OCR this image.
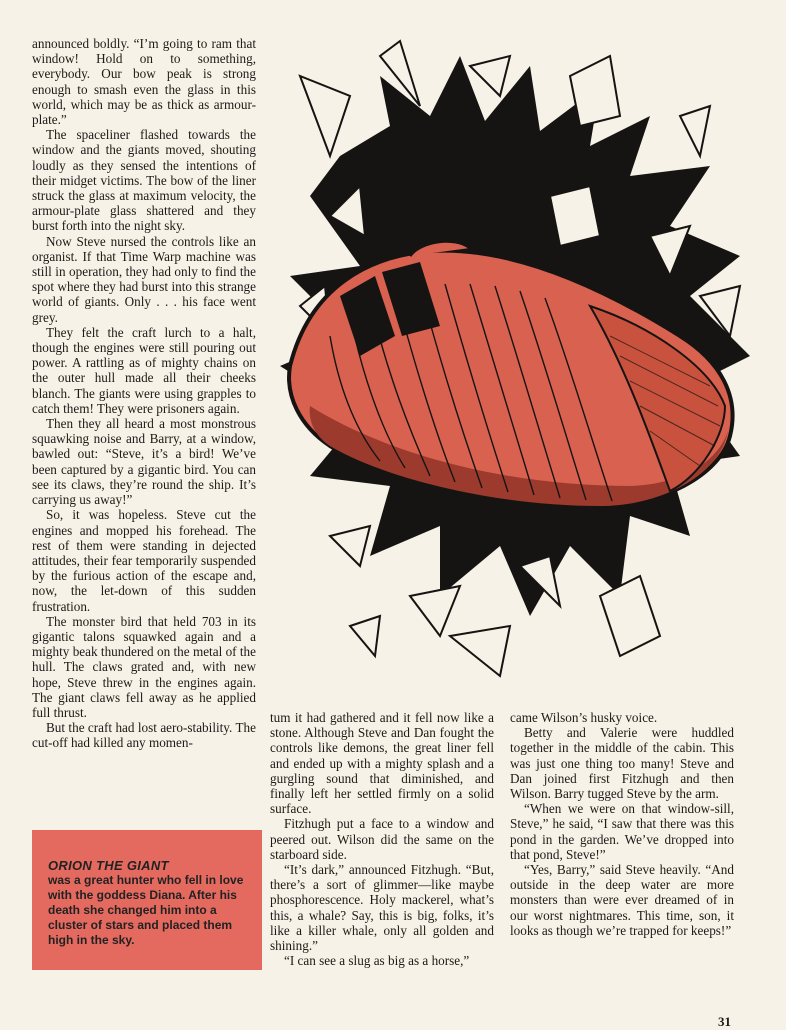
announced boldly. “I’m going to ram that window! Hold on to something, everybody. Our bow peak is strong enough to smash even the glass in this world, which may be as thick as armour-plate.”

The spaceliner flashed towards the window and the giants moved, shouting loudly as they sensed the intentions of their midget victims. The bow of the liner struck the glass at maximum velocity, the armour-plate glass shattered and they burst forth into the night sky.

Now Steve nursed the controls like an organist. If that Time Warp machine was still in operation, they had only to find the spot where they had burst into this strange world of giants. Only . . . his face went grey.

They felt the craft lurch to a halt, though the engines were still pouring out power. A rattling as of mighty chains on the outer hull made all their cheeks blanch. The giants were using grapples to catch them! They were prisoners again.

Then they all heard a most monstrous squawking noise and Barry, at a window, bawled out: “Steve, it’s a bird! We’ve been captured by a gigantic bird. You can see its claws, they’re round the ship. It’s carrying us away!”

So, it was hopeless. Steve cut the engines and mopped his forehead. The rest of them were standing in dejected attitudes, their fear temporarily suspended by the furious action of the escape and, now, the let-down of this sudden frustration.

The monster bird that held 703 in its gigantic talons squawked again and a mighty beak thundered on the metal of the hull. The claws grated and, with new hope, Steve threw in the engines again. The giant claws fell away as he applied full thrust.

But the craft had lost aero-stability. The cut-off had killed any momen-

tum it had gathered and it fell now like a stone. Although Steve and Dan fought the controls like demons, the great liner fell and ended up with a mighty splash and a gurgling sound that diminished, and finally left her settled firmly on a solid surface.

Fitzhugh put a face to a window and peered out. Wilson did the same on the starboard side.

“It’s dark,” announced Fitzhugh. “But, there’s a sort of glimmer—like maybe phosphorescence. Holy mackerel, what’s this, a whale? Say, this is big, folks, it’s like a killer whale, only all golden and shining.”

“I can see a slug as big as a horse,”

came Wilson’s husky voice.

Betty and Valerie were huddled together in the middle of the cabin. This was just one thing too many! Steve and Dan joined first Fitzhugh and then Wilson. Barry tugged Steve by the arm.

“When we were on that window-sill, Steve,” he said, “I saw that there was this pond in the garden. We’ve dropped into that pond, Steve!”

“Yes, Barry,” said Steve heavily. “And outside in the deep water are more monsters than were ever dreamed of in our worst nightmares. This time, son, it looks as though we’re trapped for keeps!”

ORION THE GIANT
was a great hunter who fell in love with the goddess Diana. After his death she changed him into a cluster of stars and placed them high in the sky.
31
